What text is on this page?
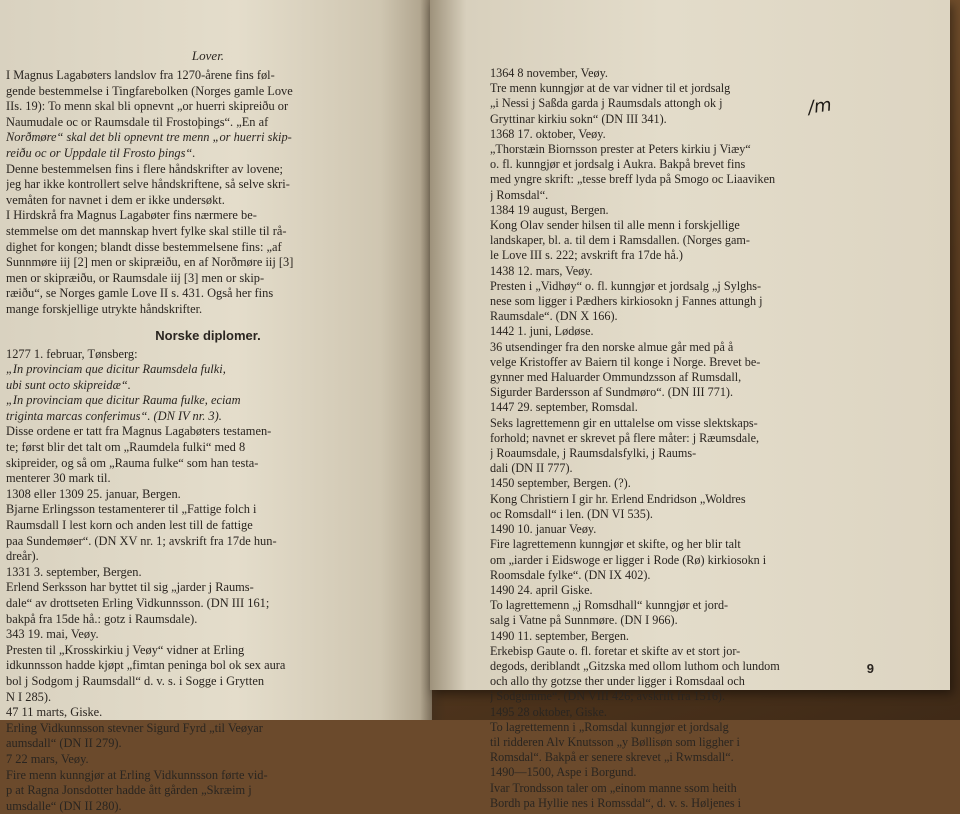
Lover.
I Magnus Lagabøters landslov fra 1270-årene fins føl-
gende bestemmelse i Tingfarebolken (Norges gamle Love
IIs. 19): To menn skal bli opnevnt „or huerri skipreiðu or
Naumudale oc or Raumsdale til Frostoþings“. „En af
Norðmøre“ skal det bli opnevnt tre menn „or huerri skip-
reiðu oc or Uppdale til Frosto þings“.
Denne bestemmelsen fins i flere håndskrifter av lovene;
jeg har ikke kontrollert selve håndskriftene, så selve skri-
vemåten for navnet i dem er ikke undersøkt.
I Hirdskrå fra Magnus Lagabøter fins nærmere be-
stemmelse om det mannskap hvert fylke skal stille til rå-
dighet for kongen; blandt disse bestemmelsene fins: „af
Sunnmøre iij [2] men or skipræiðu, en af Norðmøre iij [3]
men or skipræiðu, or Raumsdale iij [3] men or skip-
ræiðu“, se Norges gamle Love II s. 431. Også her fins
mange forskjellige utrykte håndskrifter.
Norske diplomer.
1277 1. februar, Tønsberg:
„In provinciam que dicitur Raumsdela fulki,
ubi sunt octo skipreidæ“.
„In provinciam que dicitur Rauma fulke, eciam
triginta marcas conferimus“. (DN IV nr. 3).
Disse ordene er tatt fra Magnus Lagabøters testamen-
te; først blir det talt om „Raumdela fulki“ med 8
skipreider, og så om „Rauma fulke“ som han testa-
menterer 30 mark til.
1308 eller 1309 25. januar, Bergen.
Bjarne Erlingsson testamenterer til „Fattige folch i
Raumsdall I lest korn och anden lest till de fattige
paa Sundemøer“. (DN XV nr. 1; avskrift fra 17de hun-
dreår).
1331 3. september, Bergen.
Erlend Serksson har byttet til sig „jarder j Raums-
dale“ av drottseten Erling Vidkunnsson. (DN III 161;
bakpå fra 15de hå.: gotz i Raumsdale).
343 19. mai, Veøy.
Presten til „Krosskirkiu j Veøy“ vidner at Erling
idkunnsson hadde kjøpt „fimtan peninga bol ok sex aura
bol j Sodgom j Raumsdall“ d. v. s. i Sogge i Grytten
N I 285).
47 11 marts, Giske.
Erling Vidkunnsson stevner Sigurd Fyrd „til Veøyar
aumsdall“ (DN II 279).
7 22 mars, Veøy.
Fire menn kunngjør at Erling Vidkunnsson førte vid-
p at Ragna Jonsdotter hadde ått gården „Skræim j
umsdalle“ (DN II 280).
1364 8 november, Veøy.
Tre menn kunngjør at de var vidner til et jordsalg
„i Nessi j Saßda garda j Raumsdals attongh ok j
Gryttinar kirkiu sokn“ (DN III 341).
1368 17. oktober, Veøy.
„Thorstæin Biornsson prester at Peters kirkiu j Viæy“
o. fl. kunngjør et jordsalg i Aukra. Bakpå brevet fins
med yngre skrift: „tesse breff lyda på Smogo oc Liaaviken
j Romsdal“.
1384 19 august, Bergen.
Kong Olav sender hilsen til alle menn i forskjellige
landskaper, bl. a. til dem i Ramsdallen. (Norges gam-
le Love III s. 222; avskrift fra 17de hå.)
1438 12. mars, Veøy.
Presten i „Vidhøy“ o. fl. kunngjør et jordsalg „j Sylghs-
nese som ligger i Pædhers kirkiosokn j Fannes attungh j
Raumsdale“. (DN X 166).
1442 1. juni, Lødøse.
36 utsendinger fra den norske almue går med på å
velge Kristoffer av Baiern til konge i Norge. Brevet be-
gynner med Haluarder Ommundzsson af Rumsdall,
Sigurder Bardersson af Sundmøro“. (DN III 771).
1447 29. september, Romsdal.
Seks lagrettemenn gir en uttalelse om visse slektskaps-
forhold; navnet er skrevet på flere måter: j Ræumsdale,
j Roaumsdale, j Raumsdalsfylki, j Raums-
dali (DN II 777).
1450 september, Bergen. (?).
Kong Christiern I gir hr. Erlend Endridson „Woldres
oc Romsdall“ i len. (DN VI 535).
1490 10. januar Veøy.
Fire lagrettemenn kunngjør et skifte, og her blir talt
om „iarder i Eidswoge er ligger i Rode (Rø) kirkiosokn i
Roomsdale fylke“. (DN IX 402).
1490 24. april Giske.
To lagrettemenn „j Romsdhall“ kunngjør et jord-
salg i Vatne på Sunnmøre. (DN I 966).
1490 11. september, Bergen.
Erkebisp Gaute o. fl. foretar et skifte av et stort jor-
degods, deriblandt „Gitzska med ollom luthom och lundom
och allo thy gotzse ther under ligger i Romsdaal och
j Sodgumme“. (DN VIII 426; avskrift fra 1516).
1495 28 oktober, Giske.
To lagrettemenn i „Romsdal kunngjør et jordsalg
til ridderen Alv Knutsson „y Bøllisøn som liggher i
Romsdal“. Bakpå er senere skrevet „i Rwmsdall“.
1490—1500, Aspe i Borgund.
Ivar Trondsson taler om „einom manne ssom heith
Bordh pa Hyllie nes i Romssdal“, d. v. s. Høljenes i
9
/m
